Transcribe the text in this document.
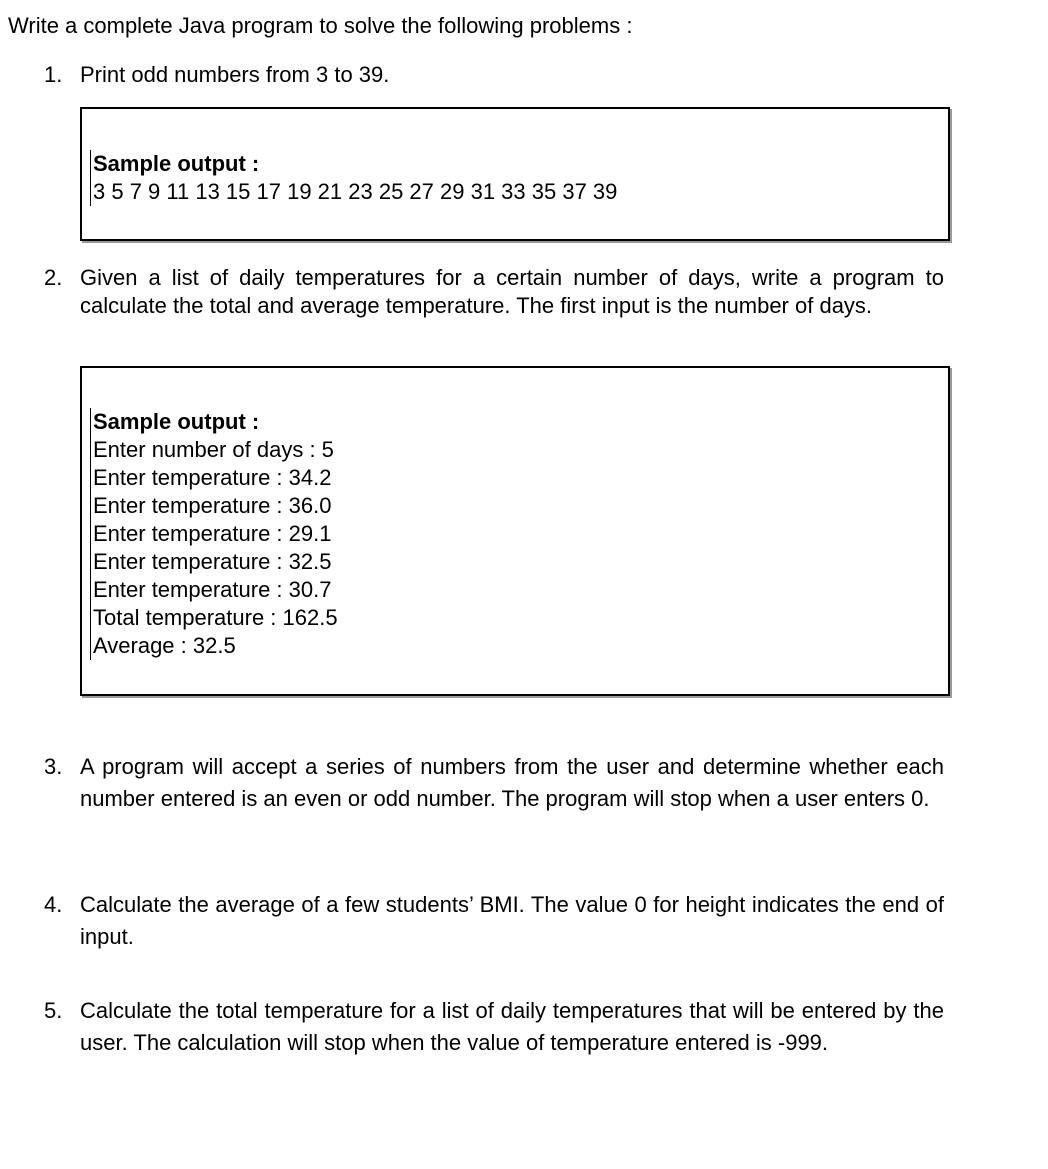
Write a complete Java program to solve the following problems :
1. Print odd numbers from 3 to 39.
Sample output :
3 5 7 9 11 13 15 17 19 21 23 25 27 29 31 33 35 37 39
2. Given a list of daily temperatures for a certain number of days, write a program to calculate the total and average temperature. The first input is the number of days.
Sample output :
Enter number of days : 5
Enter temperature : 34.2
Enter temperature : 36.0
Enter temperature : 29.1
Enter temperature : 32.5
Enter temperature : 30.7
Total temperature : 162.5
Average : 32.5
3. A program will accept a series of numbers from the user and determine whether each number entered is an even or odd number. The program will stop when a user enters 0.
4. Calculate the average of a few students’ BMI. The value 0 for height indicates the end of input.
5. Calculate the total temperature for a list of daily temperatures that will be entered by the user. The calculation will stop when the value of temperature entered is -999.
